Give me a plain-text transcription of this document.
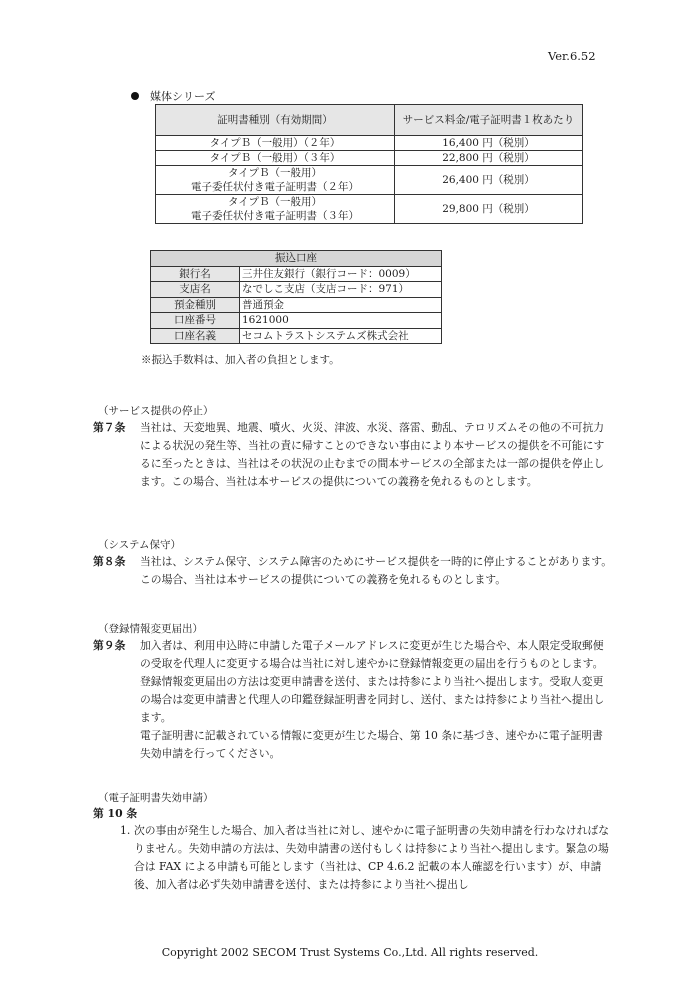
Ver.6.52
媒体シリーズ
証明書種別（有効期間）	サービス料金/電子証明書１枚あたり
タイプＢ（一般用）（２年）	16,400 円（税別）
タイプＢ（一般用）（３年）	22,800 円（税別）

タイプＢ（一般用）
電子委任状付き電子証明書（２年）	26,400 円（税別）

タイプＢ（一般用）
電子委任状付き電子証明書（３年）	29,800 円（税別）
振込口座	
銀行名	三井住友銀行（銀行コード：0009）
支店名	なでしこ支店（支店コード：971）
預金種別	普通預金
口座番号	1621000
口座名義	セコムトラストシステムズ株式会社
※振込手数料は、加入者の負担とします。
（サービス提供の停止）
第７条 当社は、天変地異、地震、噴火、火災、津波、水災、落雷、動乱、テロリズムその他の不可抗力による状況の発生等、当社の責に帰すことのできない事由により本サービスの提供を不可能にするに至ったときは、当社はその状況の止むまでの間本サービスの全部または一部の提供を停止します。この場合、当社は本サービスの提供についての義務を免れるものとします。

（システム保守）
第８条 当社は、システム保守、システム障害のためにサービス提供を一時的に停止することがあります。この場合、当社は本サービスの提供についての義務を免れるものとします。

（登録情報変更届出）
第９条 加入者は、利用申込時に申請した電子メールアドレスに変更が生じた場合や、本人限定受取郵便の受取を代理人に変更する場合は当社に対し速やかに登録情報変更の届出を行うものとします。登録情報変更届出の方法は変更申請書を送付、または持参により当社へ提出します。受取人変更の場合は変更申請書と代理人の印鑑登録証明書を同封し、送付、または持参により当社へ提出します。

電子証明書に記載されている情報に変更が生じた場合、第 10 条に基づき、速やかに電子証明書失効申請を行ってください。

（電子証明書失効申請）
第 10 条
1. 次の事由が発生した場合、加入者は当社に対し、速やかに電子証明書の失効申請を行わなければなりません。失効申請の方法は、失効申請書の送付もしくは持参により当社へ提出します。緊急の場合は FAX による申請も可能とします（当社は、CP 4.6.2 記載の本人確認を行います）が、申請後、加入者は必ず失効申請書を送付、または持参により当社へ提出し
Copyright 2002 SECOM Trust Systems Co.,Ltd. All rights reserved.
